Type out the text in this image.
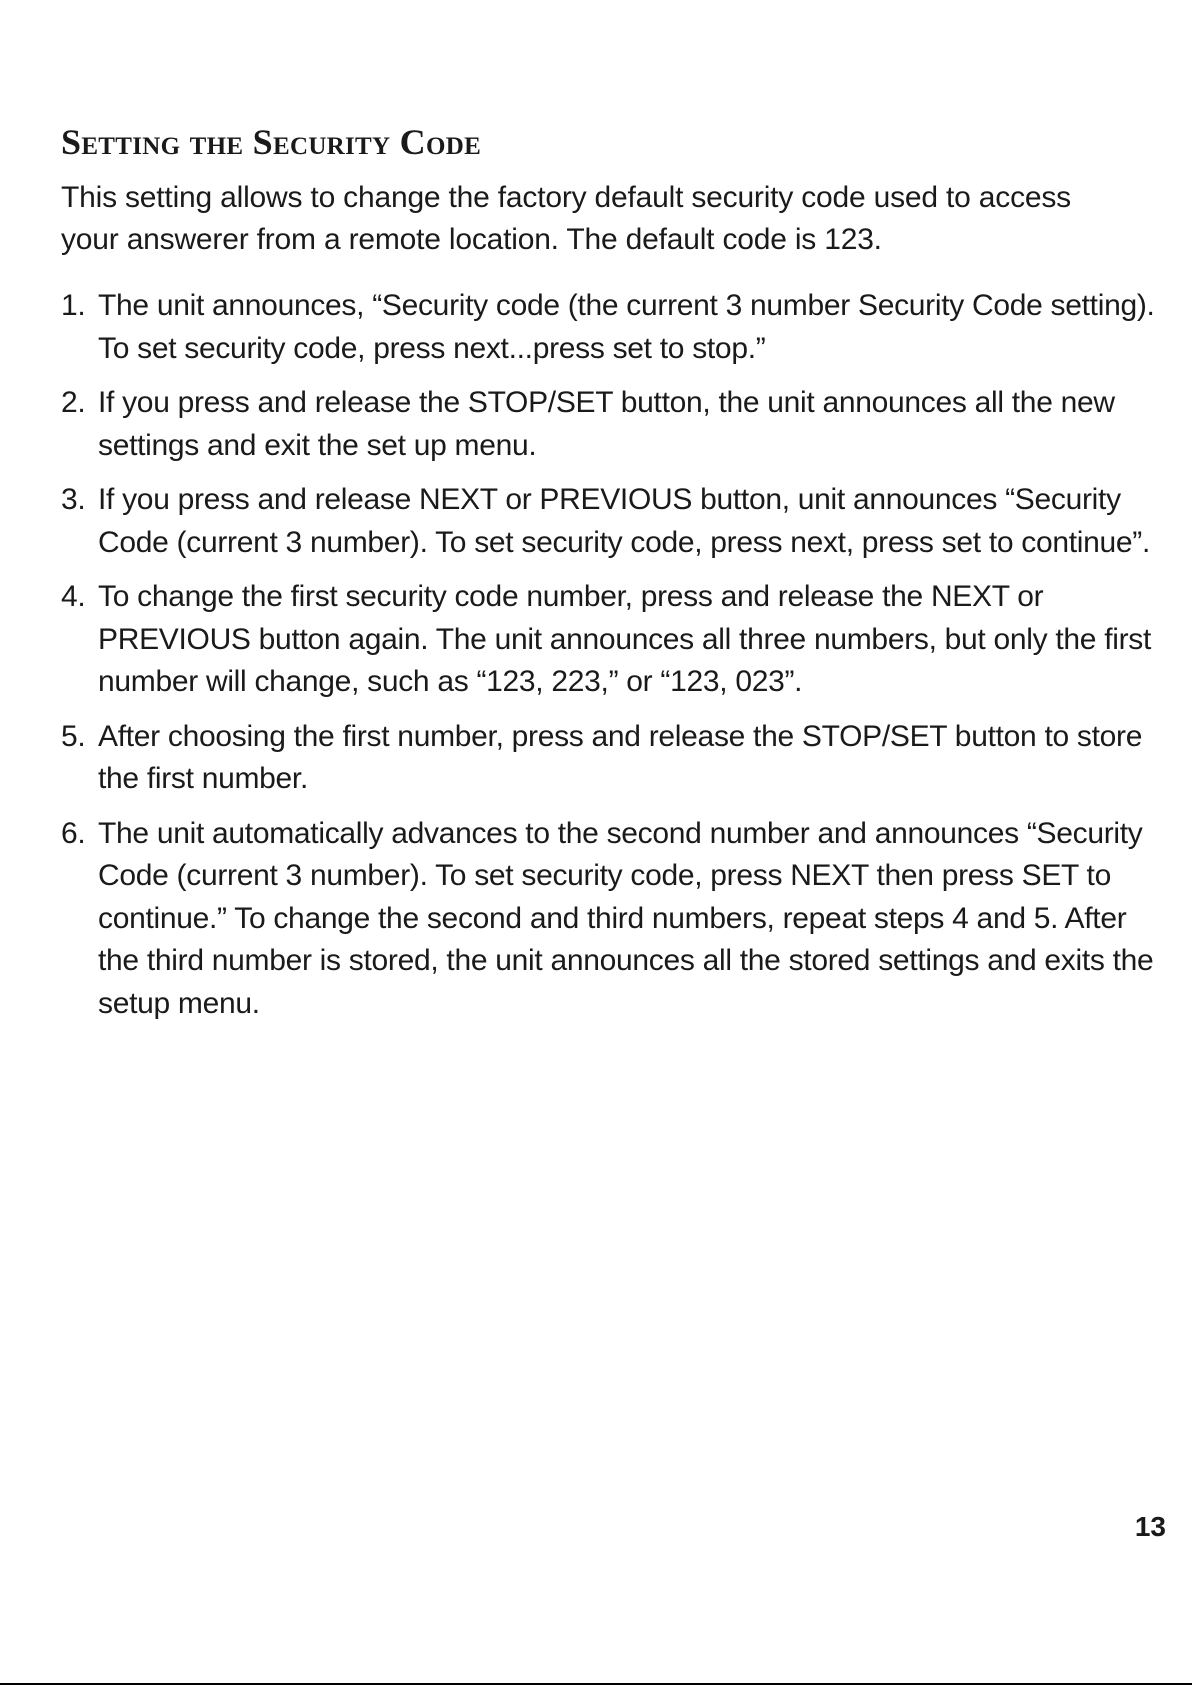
Setting the Security Code

This setting allows to change the factory default security code used to access your answerer from a remote location. The default code is 123.

1. The unit announces, “Security code (the current 3 number Security Code setting). To set security code, press next...press set to stop.”
2. If you press and release the STOP/SET button, the unit announces all the new settings and exit the set up menu.
3. If you press and release NEXT or PREVIOUS button, unit announces “Security Code (current 3 number). To set security code, press next, press set to continue”.
4. To change the first security code number, press and release the NEXT or PREVIOUS button again. The unit announces all three numbers, but only the first number will change, such as “123, 223,” or “123, 023”.
5. After choosing the first number, press and release the STOP/SET button to store the first number.
6. The unit automatically advances to the second number and announces “Security Code (current 3 number). To set security code, press NEXT then press SET to continue.” To change the second and third numbers, repeat steps 4 and 5. After the third number is stored, the unit announces all the stored settings and exits the setup menu.

13
